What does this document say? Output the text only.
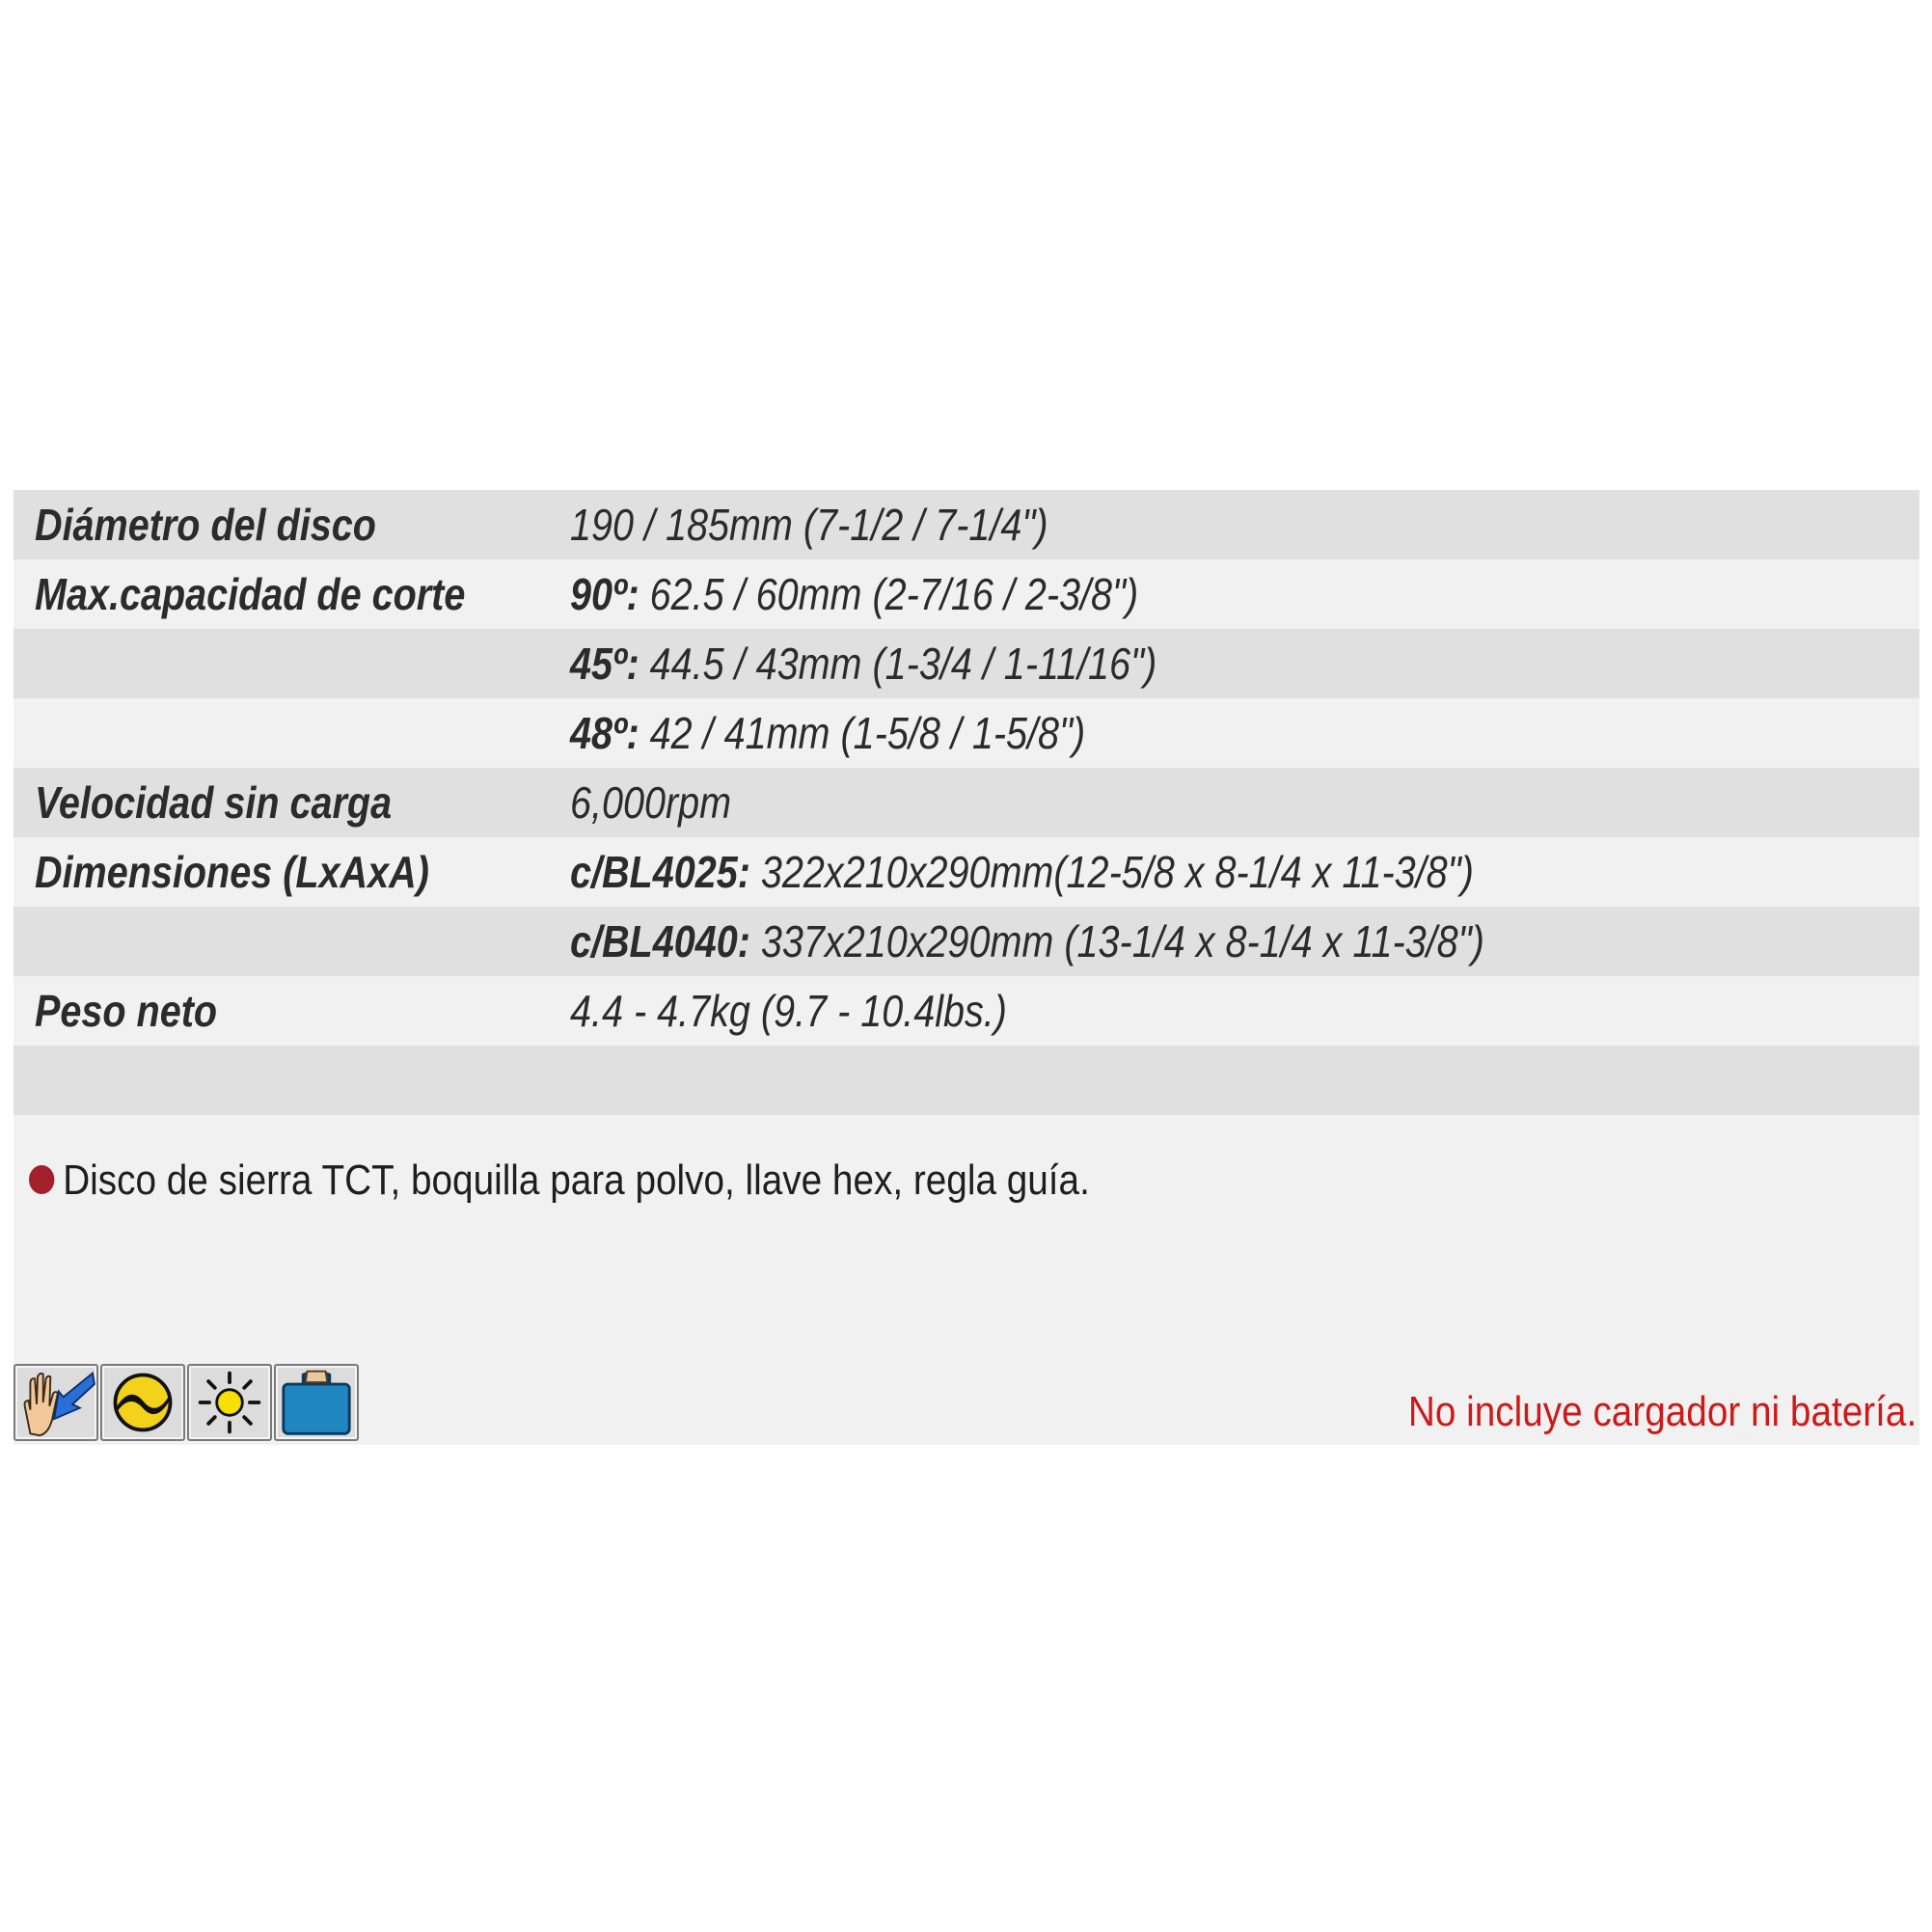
Diámetro del disco	190 / 185mm (7-1/2 / 7-1/4")
Max.capacidad de corte 90º: 62.5 / 60mm (2-7/16 / 2-3/8")
45º: 44.5 / 43mm (1-3/4 / 1-11/16")
48º: 42 / 41mm (1-5/8 / 1-5/8")
Velocidad sin carga	6,000rpm
Dimensiones (LxAxA)	c/BL4025: 322x210x290mm(12-5/8 x 8-1/4 x 11-3/8")
c/BL4040: 337x210x290mm (13-1/4 x 8-1/4 x 11-3/8")
Peso neto	4.4 - 4.7kg (9.7 - 10.4lbs.)
Disco de sierra TCT, boquilla para polvo, llave hex, regla guía.
No incluye cargador ni batería.
